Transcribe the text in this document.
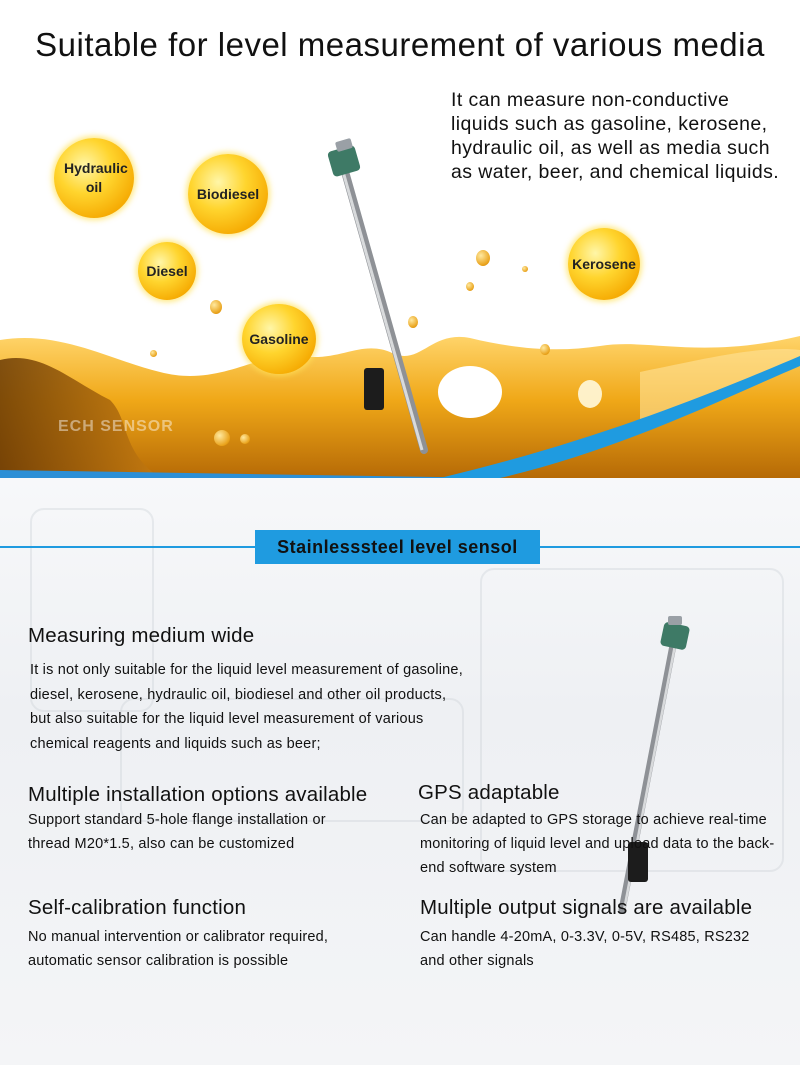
Suitable for level measurement of various media

It can measure non-conductive liquids such as gasoline, kerosene, hydraulic oil, as well as media such as water, beer, and chemical liquids.

Hydraulic oil	Biodiesel
Diesel
Gasoline
Kerosene
ECH SENSOR
Stainlesssteel level sensol
Measuring medium wide

It is not only suitable for the liquid level measurement of gasoline, diesel, kerosene, hydraulic oil, biodiesel and other oil products, but also suitable for the liquid level measurement of various chemical reagents and liquids such as beer;

Multiple installation options available

Support standard 5-hole flange installation or thread M20*1.5, also can be customized

GPS adaptable

Can be adapted to GPS storage to achieve real-time monitoring of liquid level and upload data to the back-end software system

Self-calibration function

No manual intervention or calibrator required, automatic sensor calibration is possible

Multiple output signals are available

Can handle 4-20mA, 0-3.3V, 0-5V, RS485, RS232 and other signals
